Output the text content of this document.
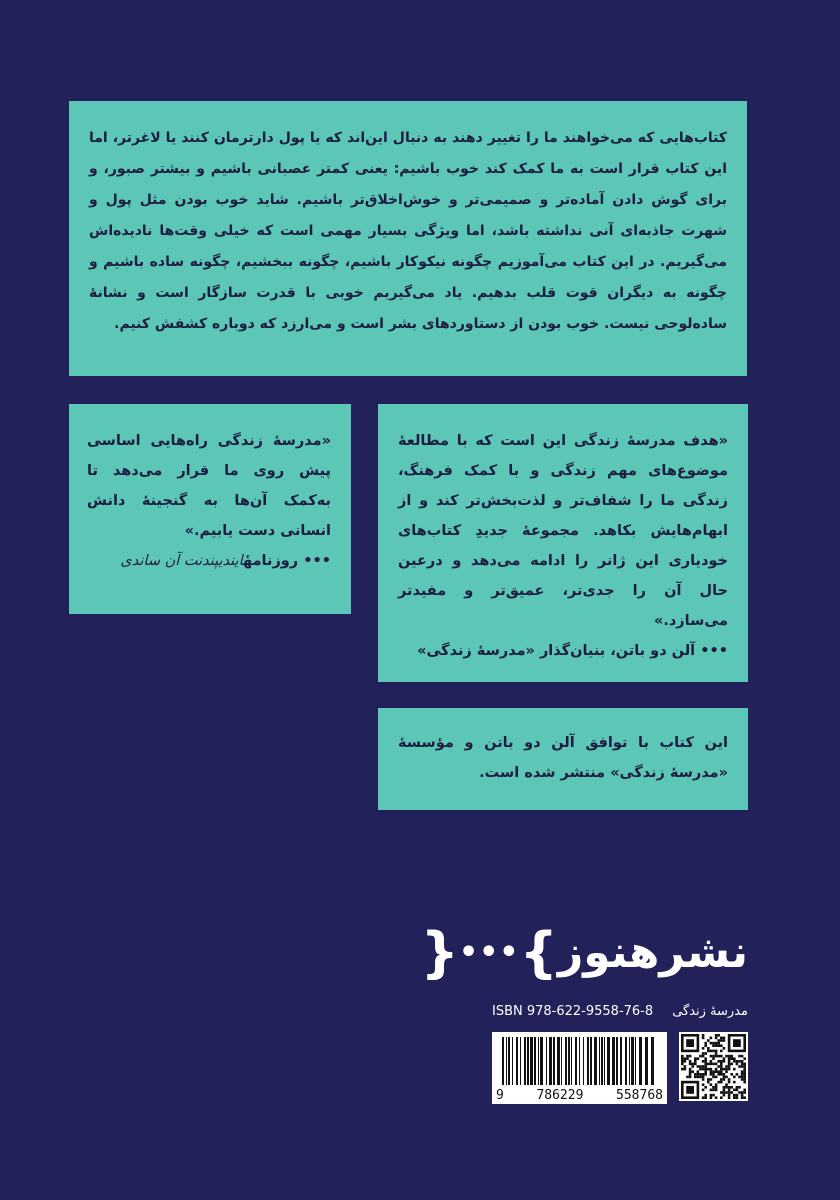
کتاب‌هایی که می‌خواهند ما را تغییر دهند به دنبال این‌اند که یا پول دارترمان کنند یا لاغرتر، اما این کتاب قرار است به ما کمک کند خوب باشیم: یعنی کمتر عصبانی باشیم و بیشتر صبور، و برای گوش دادن آماده‌تر و صمیمی‌تر و خوش‌اخلاق‌تر باشیم. شاید خوب بودن مثل پول و شهرت جاذبه‌ای آنی نداشته باشد، اما ویژگی بسیار مهمی است که خیلی وقت‌ها نادیده‌اش می‌گیریم. در این کتاب می‌آموزیم چگونه نیکوکار باشیم، چگونه ببخشیم، چگونه ساده باشیم و چگونه به دیگران قوت قلب بدهیم. یاد می‌گیریم خوبی با قدرت سازگار است و نشانهٔ ساده‌لوحی نیست. خوب بودن از دستاوردهای بشر است و می‌ارزد که دوباره کشفش کنیم.
«هدف مدرسهٔ زندگی این است که با مطالعهٔ موضوع‌های مهم زندگی و با کمک فرهنگ، زندگی ما را شفاف‌تر و لذت‌بخش‌تر کند و از ابهام‌هایش بکاهد. مجموعهٔ جدیدِ کتاب‌های خودیاری این ژانر را ادامه می‌دهد و درعین حال آن را جدی‌تر، عمیق‌تر و مفیدتر می‌سازد.»
••• آلن دو باتن، بنیان‌گذار «مدرسهٔ زندگی»
«مدرسهٔ زندگی راه‌هایی اساسی پیش روی ما قرار می‌دهد تا به‌کمک آن‌ها به گنجینهٔ دانش انسانی دست یابیم.»
••• روزنامهٔایندیپندنت آن ساندی
این کتاب با توافق آلن دو باتن و مؤسسهٔ «مدرسهٔ زندگی» منتشر شده است.
نشرهنوز
}
•••
{
ISBN 978-622-9558-76-8 مدرسهٔ زندگی
9	786229	558768
